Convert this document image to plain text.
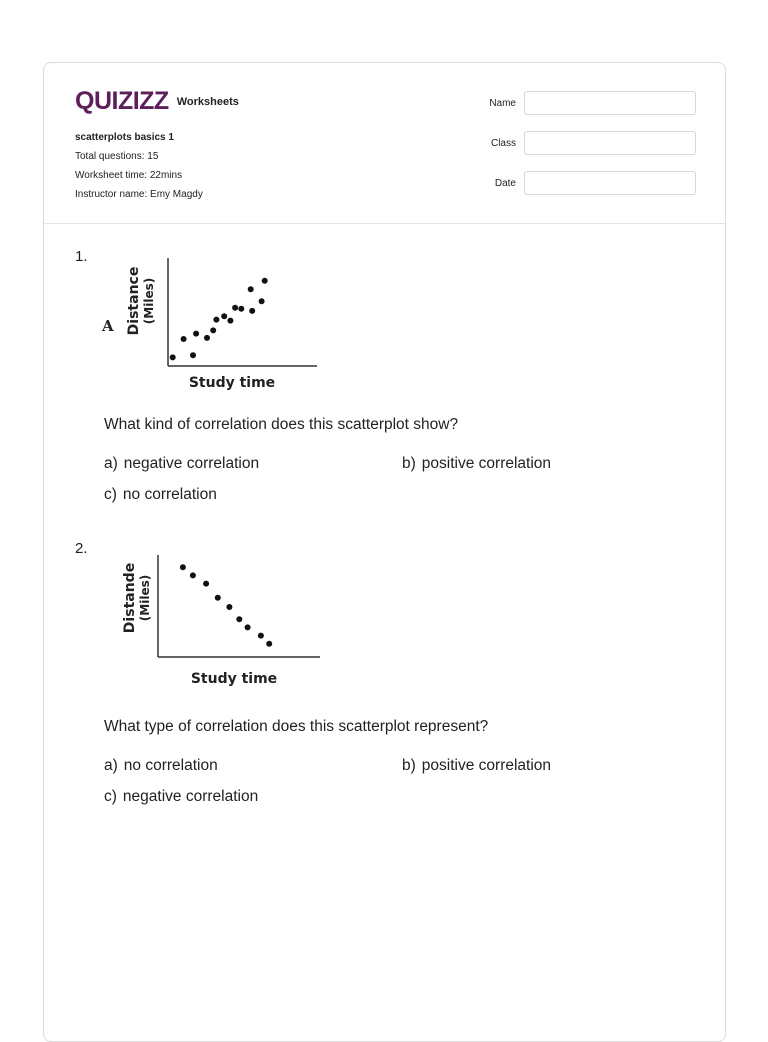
QUIZIZZ Worksheets
scatterplots basics 1
Total questions: 15
Worksheet time: 22mins
Instructor name: Emy Magdy
Name
Class
Date
1.
A Distance (Miles)
Study time
What kind of correlation does this scatterplot show?
a) negative correlation	b) positive correlation
c) no correlation
2.
Distande (Miles)
Study time
What type of correlation does this scatterplot represent?
a) no correlation	b) positive correlation
c) negative correlation
